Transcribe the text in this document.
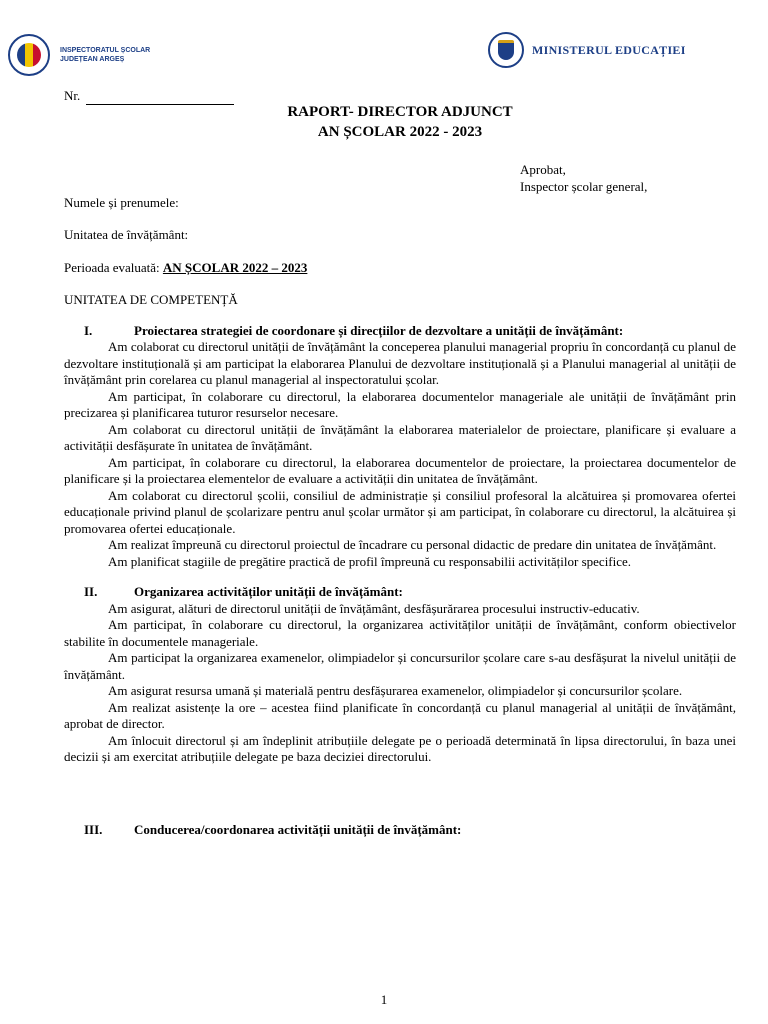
INSPECTORATUL ȘCOLAR
JUDEȚEAN ARGEȘ
MINISTERUL EDUCAȚIEI
Nr.
RAPORT- DIRECTOR ADJUNCT
AN ȘCOLAR 2022 - 2023
Aprobat,
Inspector școlar general,
Numele și prenumele:
Unitatea de învățământ:
Perioada evaluată: AN ȘCOLAR 2022 – 2023
UNITATEA DE COMPETENȚĂ
I.	Proiectarea strategiei de coordonare și direcțiilor de dezvoltare a unității de învățământ:

Am colaborat cu directorul unității de învățământ la conceperea planului managerial propriu în concordanță cu planul de dezvoltare instituțională și am participat la elaborarea Planului de dezvoltare instituțională și a Planului managerial al unității de învățământ prin corelarea cu planul managerial al inspectoratului școlar.

Am participat, în colaborare cu directorul, la elaborarea documentelor manageriale ale unității de învățământ prin precizarea și planificarea tuturor resurselor necesare.

Am colaborat cu directorul unității de învățământ la elaborarea materialelor de proiectare, planificare și evaluare a activității desfășurate în unitatea de învățământ.

Am participat, în colaborare cu directorul, la elaborarea documentelor de proiectare, la proiectarea documentelor de planificare și la proiectarea elementelor de evaluare a activității din unitatea de învățământ.

Am colaborat cu directorul școlii, consiliul de administrație și consiliul profesoral la alcătuirea și promovarea ofertei educaționale privind planul de școlarizare pentru anul școlar următor și am participat, în colaborare cu directorul, la alcătuirea și promovarea ofertei educaționale.

Am realizat împreună cu directorul proiectul de încadrare cu personal didactic de predare din unitatea de învățământ.

Am planificat stagiile de pregătire practică de profil împreună cu responsabilii activităților specifice.

II.	Organizarea activităților unității de învățământ:

Am asigurat, alături de directorul unității de învățământ, desfășurărarea procesului instructiv-educativ.

Am participat, în colaborare cu directorul, la organizarea activităților unității de învățământ, conform obiectivelor stabilite în documentele manageriale.

Am participat la organizarea examenelor, olimpiadelor și concursurilor școlare care s-au desfășurat la nivelul unității de învățământ.

Am asigurat resursa umană și materială pentru desfășurarea examenelor, olimpiadelor și concursurilor școlare.

Am realizat asistențe la ore – acestea fiind planificate în concordanță cu planul managerial al unității de învățământ, aprobat de director.

Am înlocuit directorul și am îndeplinit atribuțiile delegate pe o perioadă determinată în lipsa directorului, în baza unei decizii și am exercitat atribuțiile delegate pe baza deciziei directorului.

III.	Conducerea/coordonarea activității unității de învățământ:
1
